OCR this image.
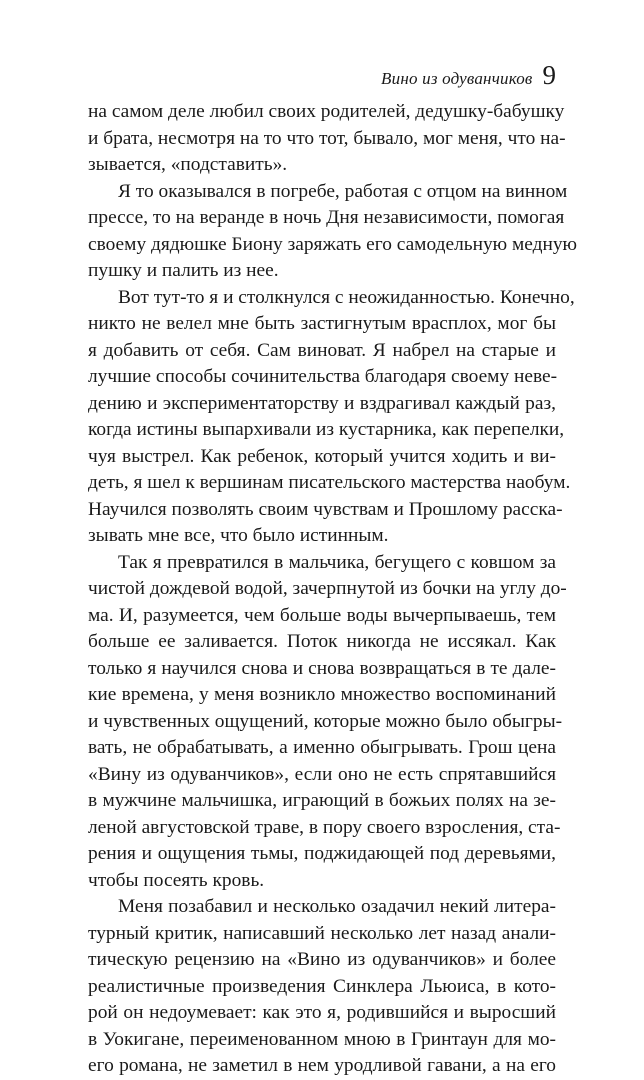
Вино из одуванчиков 9
на самом деле любил своих родителей, дедушку-бабушку
и брата, несмотря на то что тот, бывало, мог меня, что на-
зывается, «подставить».
Я то оказывался в погребе, работая с отцом на винном
прессе, то на веранде в ночь Дня независимости, помогая
своему дядюшке Биону заряжать его самодельную медную
пушку и палить из нее.
Вот тут-то я и столкнулся с неожиданностью. Конечно,
никто не велел мне быть застигнутым врасплох, мог бы
я добавить от себя. Сам виноват. Я набрел на старые и
лучшие способы сочинительства благодаря своему неве-
дению и экспериментаторству и вздрагивал каждый раз,
когда истины выпархивали из кустарника, как перепелки,
чуя выстрел. Как ребенок, который учится ходить и ви-
деть, я шел к вершинам писательского мастерства наобум.
Научился позволять своим чувствам и Прошлому расска-
зывать мне все, что было истинным.
Так я превратился в мальчика, бегущего с ковшом за
чистой дождевой водой, зачерпнутой из бочки на углу до-
ма. И, разумеется, чем больше воды вычерпываешь, тем
больше ее заливается. Поток никогда не иссякал. Как
только я научился снова и снова возвращаться в те дале-
кие времена, у меня возникло множество воспоминаний
и чувственных ощущений, которые можно было обыгры-
вать, не обрабатывать, а именно обыгрывать. Грош цена
«Вину из одуванчиков», если оно не есть спрятавшийся
в мужчине мальчишка, играющий в божьих полях на зе-
леной августовской траве, в пору своего взросления, ста-
рения и ощущения тьмы, поджидающей под деревьями,
чтобы посеять кровь.
Меня позабавил и несколько озадачил некий литера-
турный критик, написавший несколько лет назад анали-
тическую рецензию на «Вино из одуванчиков» и более
реалистичные произведения Синклера Льюиса, в кото-
рой он недоумевает: как это я, родившийся и выросший
в Уокигане, переименованном мною в Гринтаун для мо-
его романа, не заметил в нем уродливой гавани, а на его
